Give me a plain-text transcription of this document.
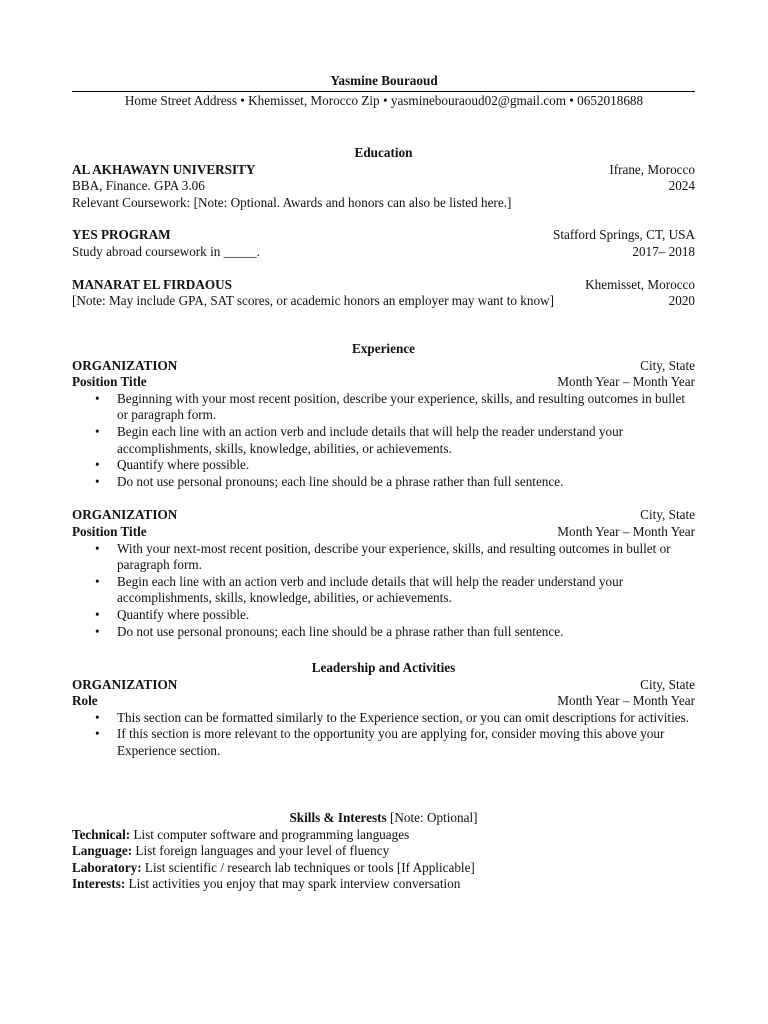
Yasmine Bouraoud
Home Street Address • Khemisset, Morocco Zip • yasminebouraoud02@gmail.com • 0652018688
Education
AL AKHAWAYN UNIVERSITY	Ifrane, Morocco
BBA, Finance. GPA 3.06	2024
Relevant Coursework: [Note: Optional. Awards and honors can also be listed here.]
YES PROGRAM	Stafford Springs, CT, USA
Study abroad coursework in _____.	2017– 2018
MANARAT EL FIRDAOUS	Khemisset, Morocco
[Note: May include GPA, SAT scores, or academic honors an employer may want to know]	2020
Experience
ORGANIZATION	City, State
Position Title	Month Year – Month Year
• Beginning with your most recent position, describe your experience, skills, and resulting outcomes in bullet or paragraph form.
• Begin each line with an action verb and include details that will help the reader understand your accomplishments, skills, knowledge, abilities, or achievements.
• Quantify where possible.
• Do not use personal pronouns; each line should be a phrase rather than full sentence.
ORGANIZATION	City, State
Position Title	Month Year – Month Year
• With your next-most recent position, describe your experience, skills, and resulting outcomes in bullet or paragraph form.
• Begin each line with an action verb and include details that will help the reader understand your accomplishments, skills, knowledge, abilities, or achievements.
• Quantify where possible.
• Do not use personal pronouns; each line should be a phrase rather than full sentence.
Leadership and Activities
ORGANIZATION	City, State
Role	Month Year – Month Year
• This section can be formatted similarly to the Experience section, or you can omit descriptions for activities.
• If this section is more relevant to the opportunity you are applying for, consider moving this above your Experience section.
Skills & Interests [Note: Optional]
Technical: List computer software and programming languages
Language: List foreign languages and your level of fluency
Laboratory: List scientific / research lab techniques or tools [If Applicable]
Interests: List activities you enjoy that may spark interview conversation
